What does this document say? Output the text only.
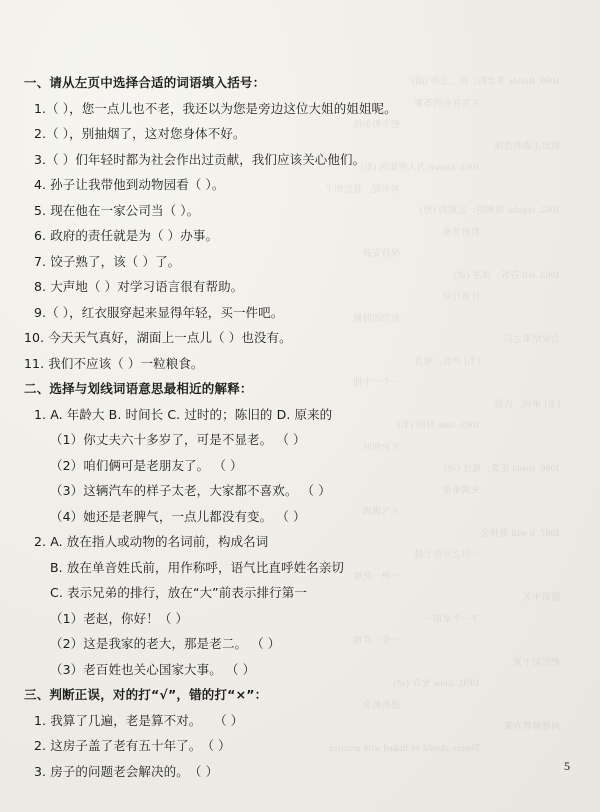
1060. Beside 多余的；除…之外 (副)
实实在在的答案
把牛奶加热
做出正确的选择
1061. known 为人所知的 (形)
对不起，我迟到了
1062. regular 规则的；定期的 (形)
数着节奏
保持安静
1063. tell 告诉；讲述 (动)
付诸行动
有空的时候
会议结束之后
[名] 声音，噪音
一个一个地
[名] 单词，话语
1065. time 时间 (名)
无论何时
1066. spend 花费；度过 (动)
充满希望
元气满满
1067. li will 他将会
一日之计在于晨
一块一块地
随后不久
下一个星期一
一件一件地
把它记下来
1070. allow 允许 (动)
提供机会
问题解答方案
Theory should be linked with practice.
一、请从左页中选择合适的词语填入括号：
1.（ ），您一点儿也不老，我还以为您是旁边这位大姐的姐姐呢。
2.（ ），别抽烟了，这对您身体不好。
3.（ ）们年轻时都为社会作出过贡献，我们应该关心他们。
4. 孙子让我带他到动物园看（ ）。
5. 现在他在一家公司当（ ）。
6. 政府的责任就是为（ ）办事。
7. 饺子熟了，该（ ）了。
8. 大声地（ ）对学习语言很有帮助。
9.（ ），红衣服穿起来显得年轻，买一件吧。
10. 今天天气真好，湖面上一点儿（ ）也没有。
11. 我们不应该（ ）一粒粮食。
二、选择与划线词语意思最相近的解释：
1. A. 年龄大 B. 时间长 C. 过时的；陈旧的 D. 原来的
（1）你丈夫六十多岁了，可是不显老。 （ ）
（2）咱们俩可是老朋友了。 （ ）
（3）这辆汽车的样子太老，大家都不喜欢。 （ ）
（4）她还是老脾气，一点儿都没有变。 （ ）
2. A. 放在指人或动物的名词前，构成名词
B. 放在单音姓氏前，用作称呼，语气比直呼姓名亲切
C. 表示兄弟的排行，放在“大”前表示排行第一
（1）老赵，你好！（ ）
（2）这是我家的老大，那是老二。 （ ）
（3）老百姓也关心国家大事。 （ ）
三、判断正误，对的打“√”，错的打“×”：
1. 我算了几遍，老是算不对。　　（ ）
2. 这房子盖了老有五十年了。　（ ）
3. 房子的问题老会解决的。　（ ）	5
